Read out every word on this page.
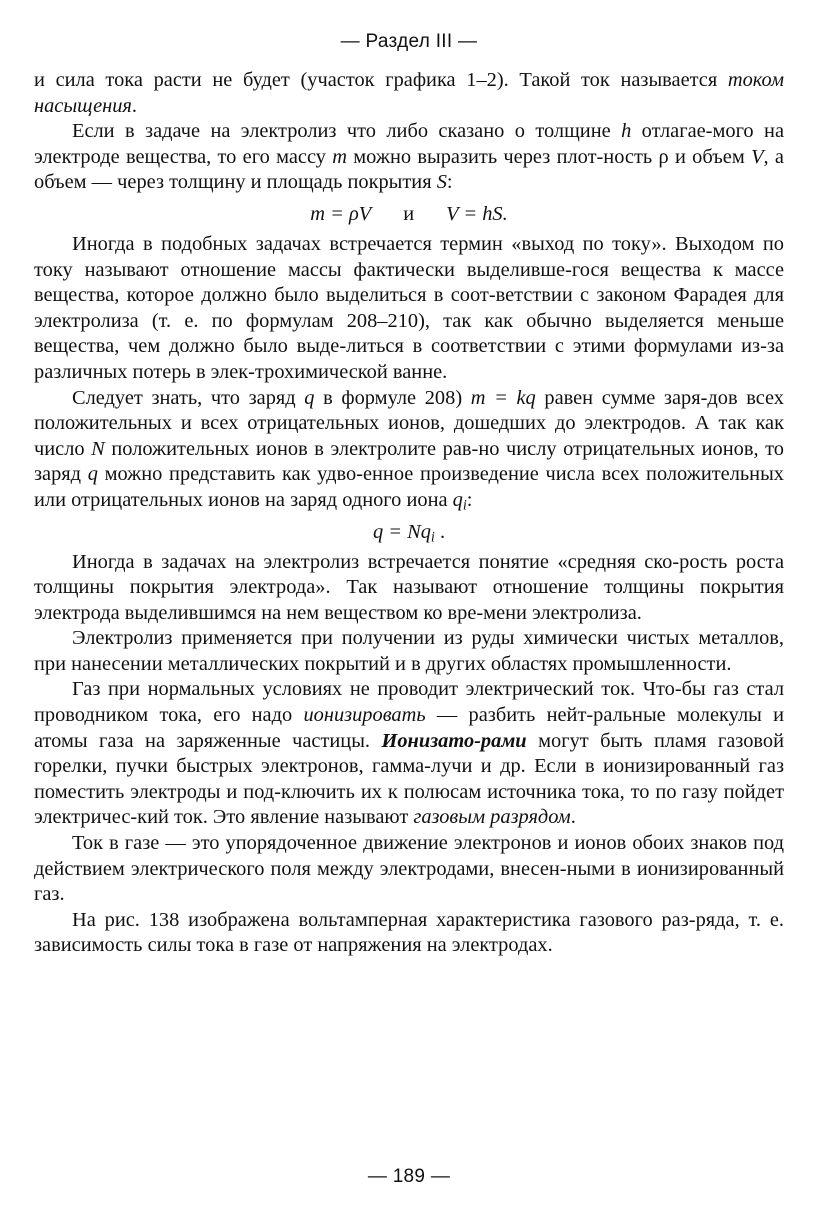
— Раздел III —

и сила тока расти не будет (участок графика 1–2). Такой ток называется током насыщения.

Если в задаче на электролиз что либо сказано о толщине h отлагае-мого на электроде вещества, то его массу m можно выразить через плот-ность ρ и объем V, а объем — через толщину и площадь покрытия S:

m = ρV и V = hS.

Иногда в подобных задачах встречается термин «выход по току». Выходом по току называют отношение массы фактически выделивше-гося вещества к массе вещества, которое должно было выделиться в соот-ветствии с законом Фарадея для электролиза (т. е. по формулам 208–210), так как обычно выделяется меньше вещества, чем должно было выде-литься в соответствии с этими формулами из-за различных потерь в элек-трохимической ванне.

Следует знать, что заряд q в формуле 208) m = kq равен сумме заря-дов всех положительных и всех отрицательных ионов, дошедших до электродов. А так как число N положительных ионов в электролите рав-но числу отрицательных ионов, то заряд q можно представить как удво-енное произведение числа всех положительных или отрицательных ионов на заряд одного иона $q_i$:

$q = Nq_i$ .

Иногда в задачах на электролиз встречается понятие «средняя ско-рость роста толщины покрытия электрода». Так называют отношение толщины покрытия электрода выделившимся на нем веществом ко вре-мени электролиза.

Электролиз применяется при получении из руды химически чистых металлов, при нанесении металлических покрытий и в других областях промышленности.

Газ при нормальных условиях не проводит электрический ток. Что-бы газ стал проводником тока, его надо ионизировать — разбить нейт-ральные молекулы и атомы газа на заряженные частицы. Ионизато-рами могут быть пламя газовой горелки, пучки быстрых электронов, гамма-лучи и др. Если в ионизированный газ поместить электроды и под-ключить их к полюсам источника тока, то по газу пойдет электричес-кий ток. Это явление называют газовым разрядом.

Ток в газе — это упорядоченное движение электронов и ионов обоих знаков под действием электрического поля между электродами, внесен-ными в ионизированный газ.

На рис. 138 изображена вольтамперная характеристика газового раз-ряда, т. е. зависимость силы тока в газе от напряжения на электродах.

— 189 —
